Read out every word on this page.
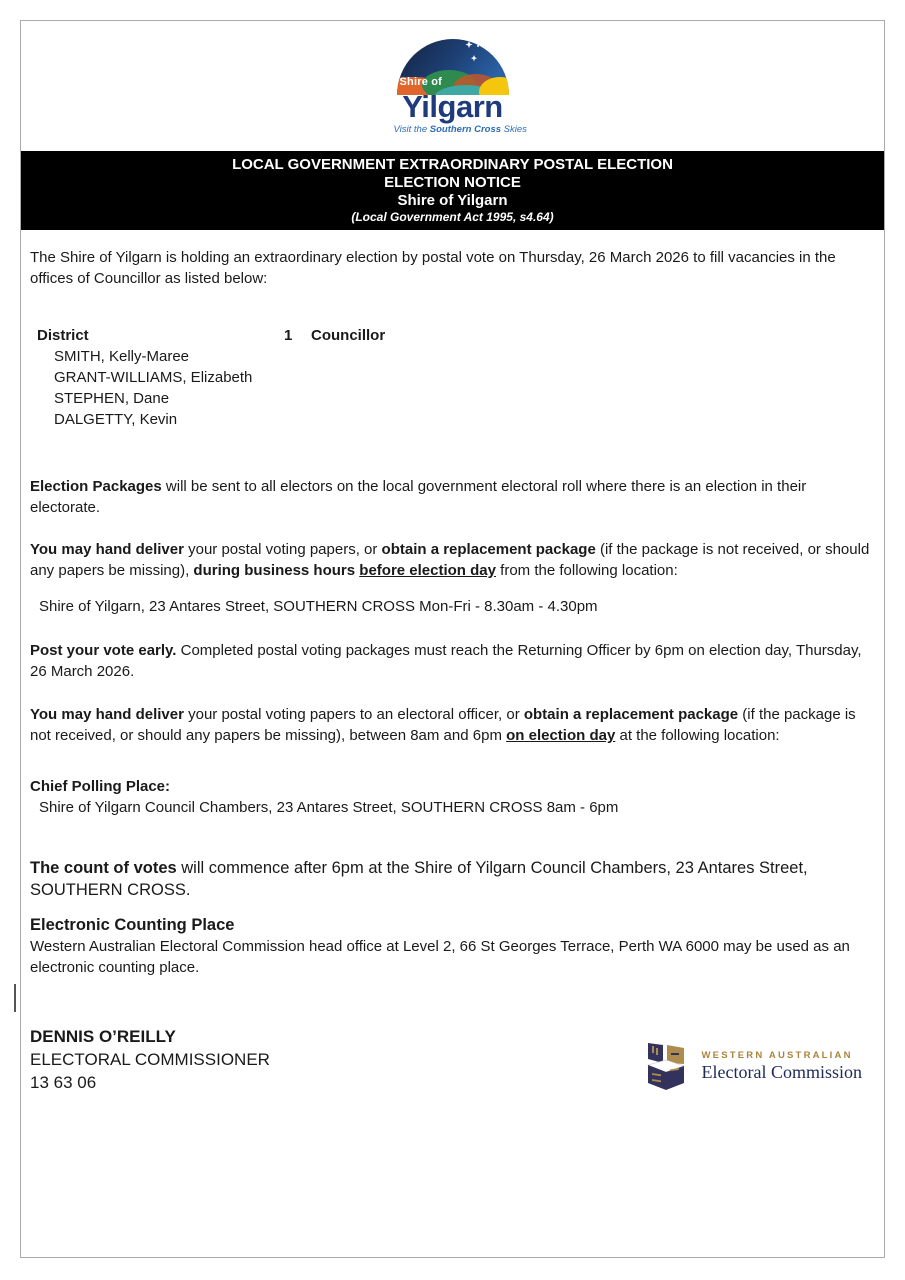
Shire of
Yilgarn
Visit the Southern Cross Skies
LOCAL GOVERNMENT EXTRAORDINARY POSTAL ELECTION
ELECTION NOTICE
Shire of Yilgarn
(Local Government Act 1995, s4.64)

The Shire of Yilgarn is holding an extraordinary election by postal vote on Thursday, 26 March 2026 to fill vacancies in the offices of Councillor as listed below:

District	1	Councillor
SMITH, Kelly-Maree
GRANT-WILLIAMS, Elizabeth
STEPHEN, Dane
DALGETTY, Kevin

Election Packages will be sent to all electors on the local government electoral roll where there is an election in their electorate.

You may hand deliver your postal voting papers, or obtain a replacement package (if the package is not received, or should any papers be missing), during business hours before election day from the following location:

Shire of Yilgarn, 23 Antares Street, SOUTHERN CROSS Mon-Fri - 8.30am - 4.30pm

Post your vote early. Completed postal voting packages must reach the Returning Officer by 6pm on election day, Thursday, 26 March 2026.

You may hand deliver your postal voting papers to an electoral officer, or obtain a replacement package (if the package is not received, or should any papers be missing), between 8am and 6pm on election day at the following location:

Chief Polling Place:
Shire of Yilgarn Council Chambers, 23 Antares Street, SOUTHERN CROSS 8am - 6pm

The count of votes will commence after 6pm at the Shire of Yilgarn Council Chambers, 23 Antares Street, SOUTHERN CROSS.

Electronic Counting Place
Western Australian Electoral Commission head office at Level 2, 66 St Georges Terrace, Perth WA 6000 may be used as an electronic counting place.
DENNIS O’REILLY
ELECTORAL COMMISSIONER
13 63 06
WESTERN AUSTRALIAN
Electoral Commission
